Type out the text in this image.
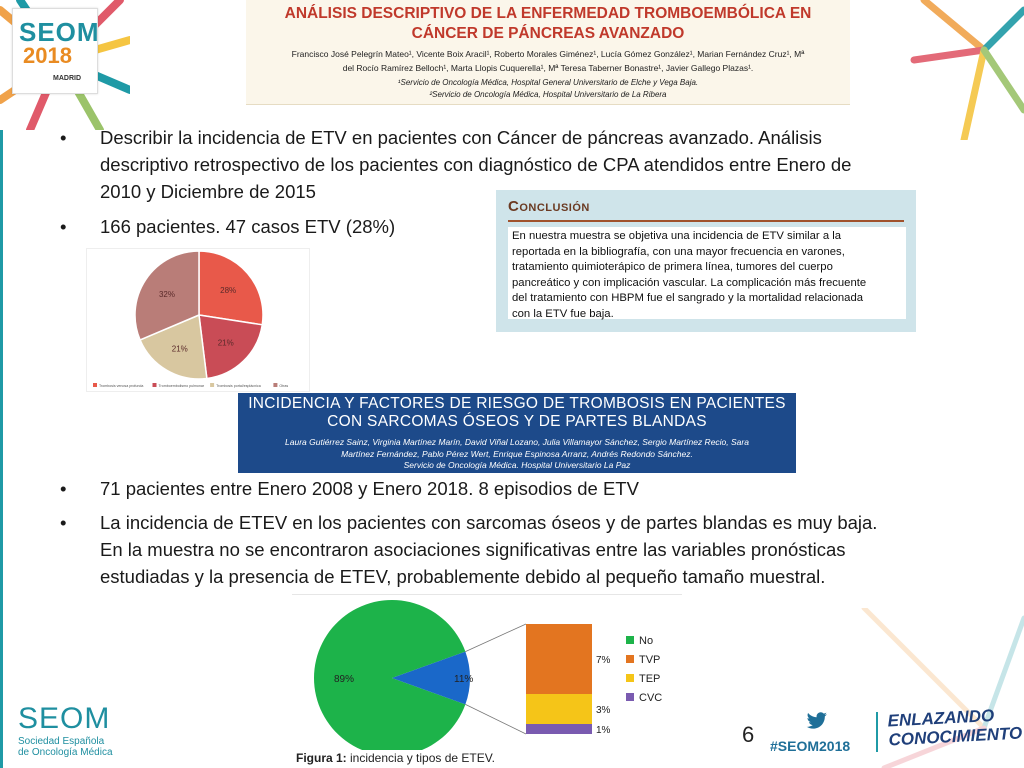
SEOM
2018
MADRID
ANÁLISIS DESCRIPTIVO DE LA ENFERMEDAD TROMBOEMBÓLICA EN
CÁNCER DE PÁNCREAS AVANZADO
Francisco José Pelegrín Mateo¹, Vicente Boix Aracil¹, Roberto Morales Giménez¹, Lucía Gómez González¹, Marian Fernández Cruz¹, Mª
del Rocío Ramírez Belloch¹, Marta Llopis Cuquerella¹, Mª Teresa Taberner Bonastre¹, Javier Gallego Plazas¹.
¹Servicio de Oncología Médica, Hospital General Universitario de Elche y Vega Baja.
²Servicio de Oncología Médica, Hospital Universitario de La Ribera
• Describir la incidencia de ETV en pacientes con Cáncer de páncreas avanzado. Análisis
descriptivo retrospectivo de los pacientes con diagnóstico de CPA atendidos entre Enero de
2010 y Diciembre de 2015
• 166 pacientes. 47 casos ETV (28%)
Conclusión
En nuestra muestra se objetiva una incidencia de ETV similar a la
reportada en la bibliografía, con una mayor frecuencia en varones,
tratamiento quimioterápico de primera línea, tumores del cuerpo
pancreático y con implicación vascular. La complicación más frecuente
del tratamiento con HBPM fue el sangrado y la mortalidad relacionada
con la ETV fue baja.
28%
21%
21%
32%
Trombosis venosa profunda	Tromboembolismo pulmonar	Trombosis portal/esplácnica	Otras
INCIDENCIA Y FACTORES DE RIESGO DE TROMBOSIS EN PACIENTES
CON SARCOMAS ÓSEOS Y DE PARTES BLANDAS
Laura Gutiérrez Sainz, Virginia Martínez Marín, David Viñal Lozano, Julia Villamayor Sánchez, Sergio Martínez Recio, Sara
Martínez Fernández, Pablo Pérez Wert, Enrique Espinosa Arranz, Andrés Redondo Sánchez.
Servicio de Oncología Médica. Hospital Universitario La Paz
• 71 pacientes entre Enero 2008 y Enero 2018. 8 episodios de ETV
• La incidencia de ETEV en los pacientes con sarcomas óseos y de partes blandas es muy baja.
En la muestra no se encontraron asociaciones significativas entre las variables pronósticas
estudiadas y la presencia de ETEV, probablemente debido al pequeño tamaño muestral.
89%	11%
7%
3%
1%
No
TVP
TEP
CVC
Figura 1: incidencia y tipos de ETEV.
SEOM
Sociedad Española
de Oncología Médica
6 #SEOM2018
ENLAZANDO
CONOCIMIENTO
